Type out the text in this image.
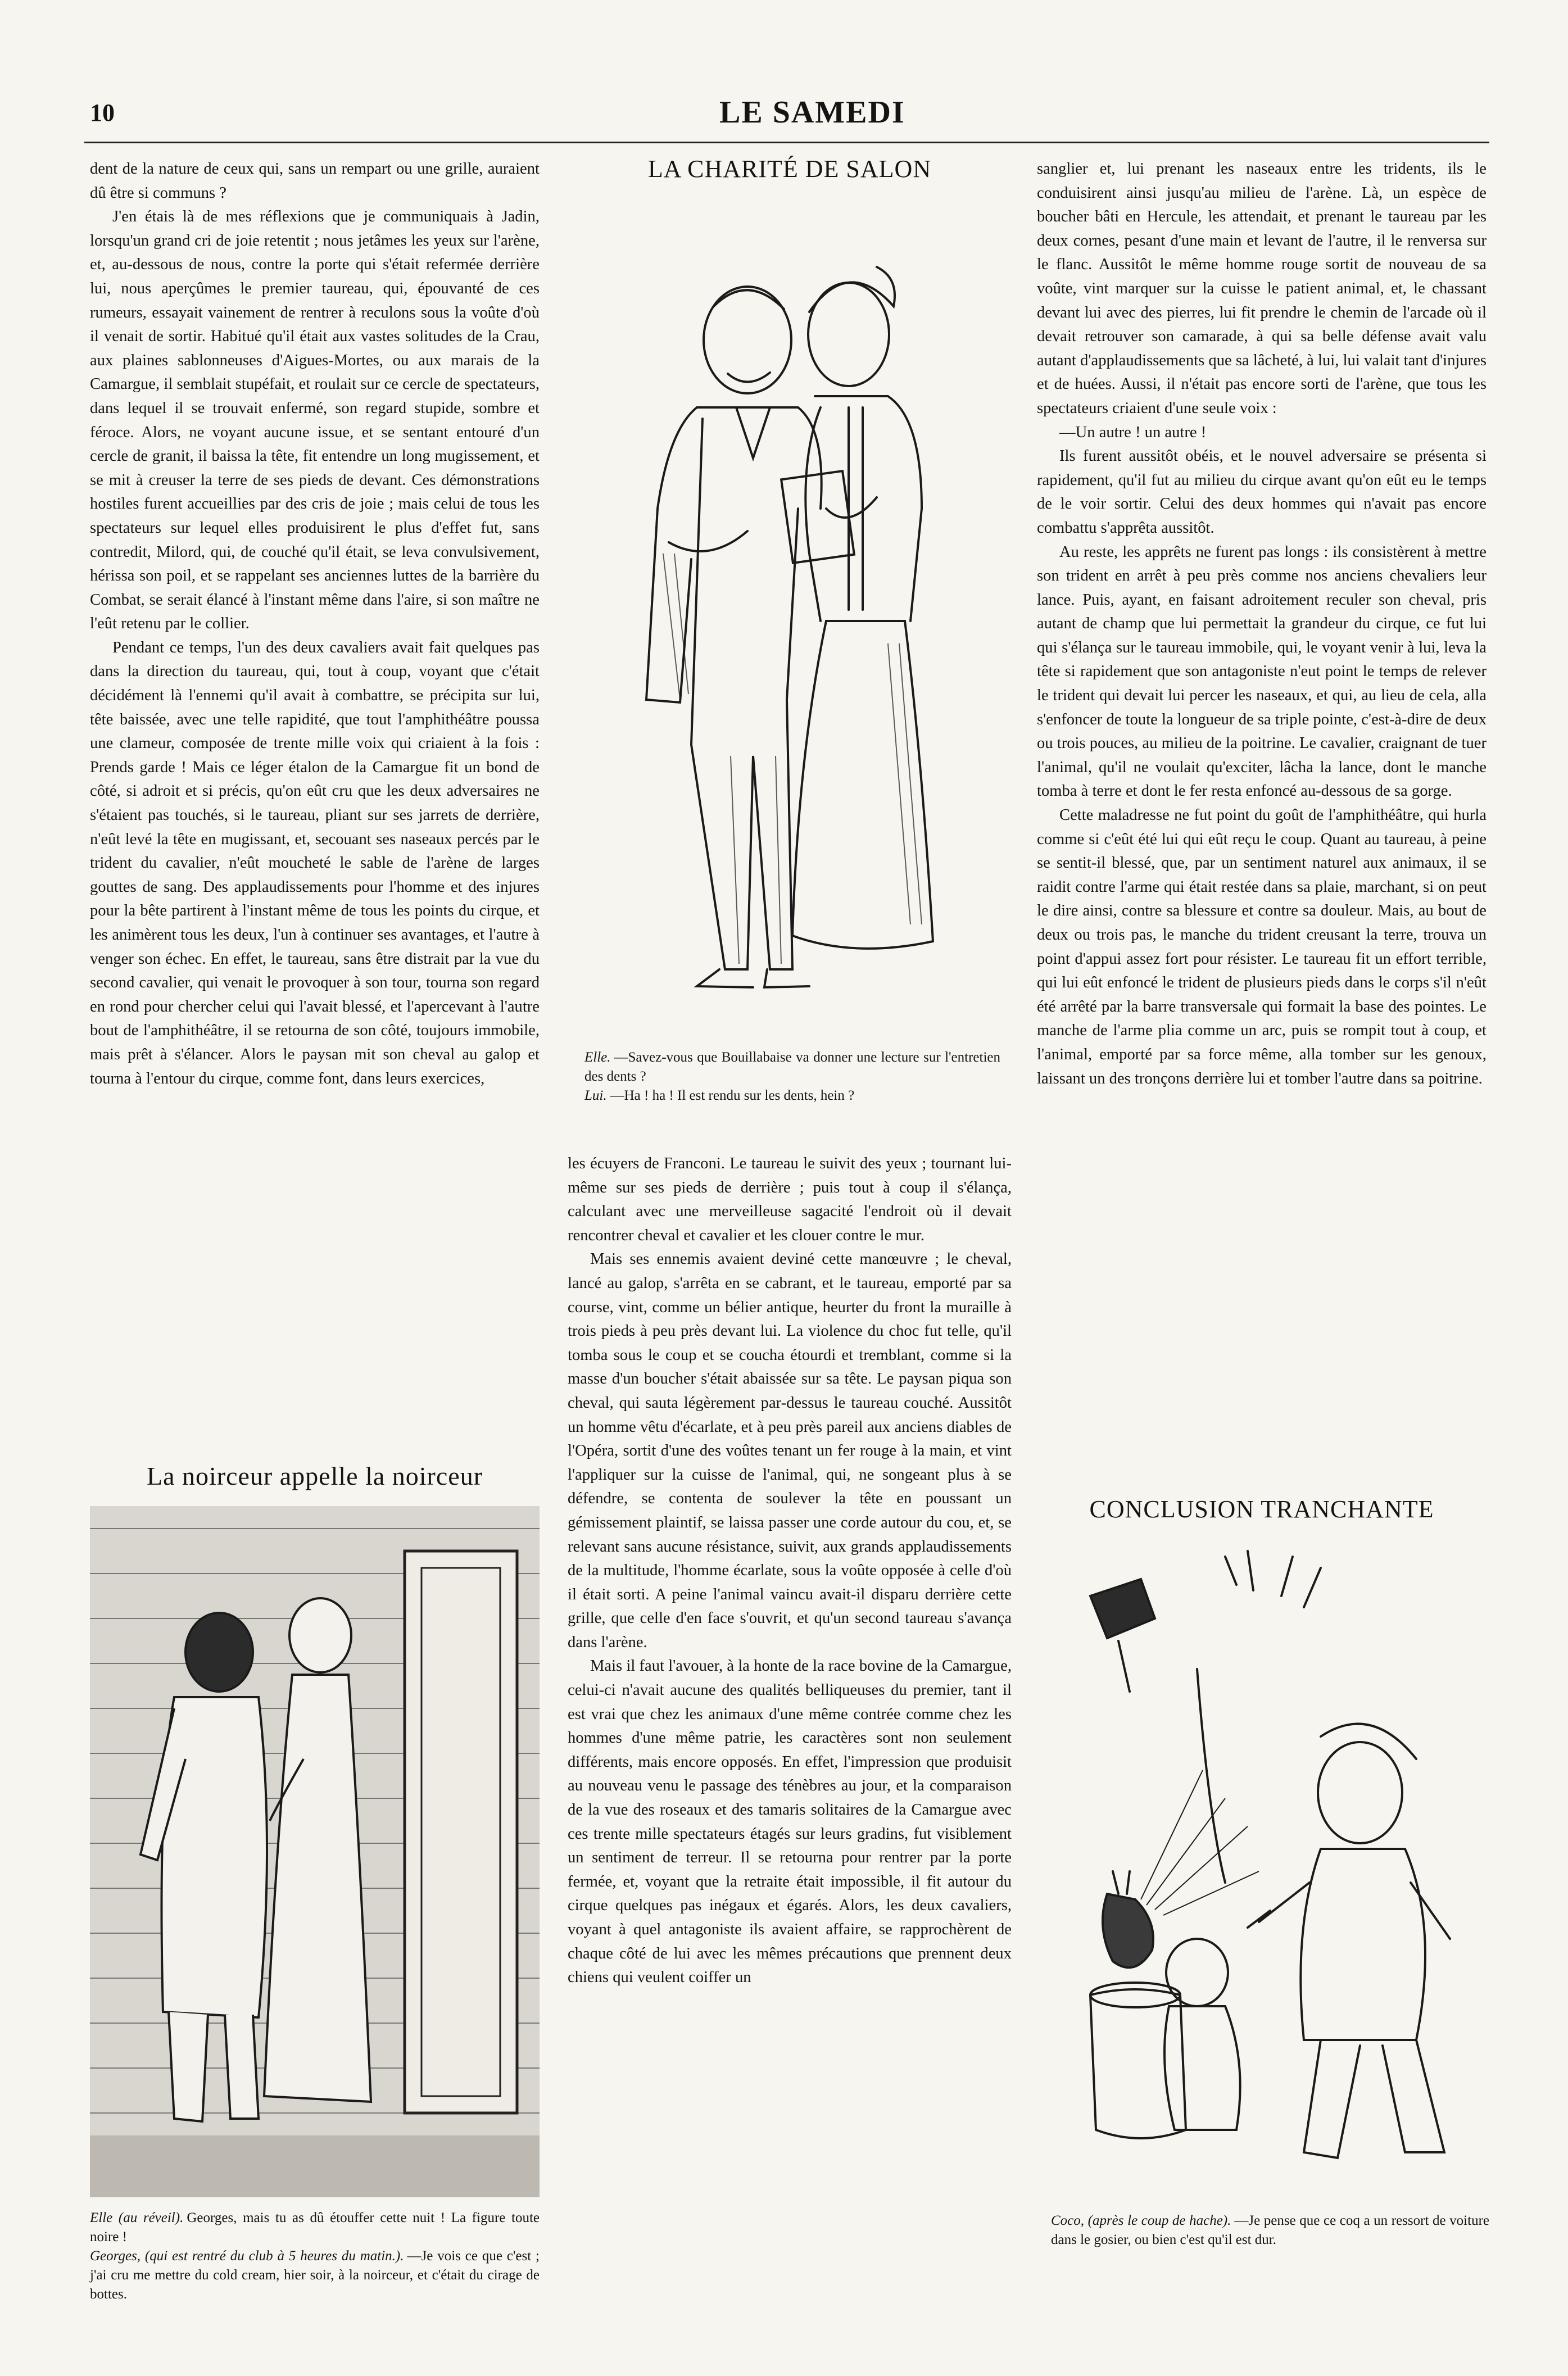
10	LE SAMEDI

dent de la nature de ceux qui, sans un rempart ou une grille, auraient dû être si communs ?

J'en étais là de mes réflexions que je communiquais à Jadin, lorsqu'un grand cri de joie retentit ; nous jetâmes les yeux sur l'arène, et, au-dessous de nous, contre la porte qui s'était refermée derrière lui, nous aperçûmes le premier taureau, qui, épouvanté de ces rumeurs, essayait vainement de rentrer à reculons sous la voûte d'où il venait de sortir. Habitué qu'il était aux vastes solitudes de la Crau, aux plaines sablonneuses d'Aigues-Mortes, ou aux marais de la Camargue, il semblait stupéfait, et roulait sur ce cercle de spectateurs, dans lequel il se trouvait enfermé, son regard stupide, sombre et féroce. Alors, ne voyant aucune issue, et se sentant entouré d'un cercle de granit, il baissa la tête, fit entendre un long mugissement, et se mit à creuser la terre de ses pieds de devant. Ces démonstrations hostiles furent accueillies par des cris de joie ; mais celui de tous les spectateurs sur lequel elles produisirent le plus d'effet fut, sans contredit, Milord, qui, de couché qu'il était, se leva convulsivement, hérissa son poil, et se rappelant ses anciennes luttes de la barrière du Combat, se serait élancé à l'instant même dans l'aire, si son maître ne l'eût retenu par le collier.

Pendant ce temps, l'un des deux cavaliers avait fait quelques pas dans la direction du taureau, qui, tout à coup, voyant que c'était décidément là l'ennemi qu'il avait à combattre, se précipita sur lui, tête baissée, avec une telle rapidité, que tout l'amphithéâtre poussa une clameur, composée de trente mille voix qui criaient à la fois : Prends garde ! Mais ce léger étalon de la Camargue fit un bond de côté, si adroit et si précis, qu'on eût cru que les deux adversaires ne s'étaient pas touchés, si le taureau, pliant sur ses jarrets de derrière, n'eût levé la tête en mugissant, et, secouant ses naseaux percés par le trident du cavalier, n'eût moucheté le sable de l'arène de larges gouttes de sang. Des applaudissements pour l'homme et des injures pour la bête partirent à l'instant même de tous les points du cirque, et les animèrent tous les deux, l'un à continuer ses avantages, et l'autre à venger son échec. En effet, le taureau, sans être distrait par la vue du second cavalier, qui venait le provoquer à son tour, tourna son regard en rond pour chercher celui qui l'avait blessé, et l'apercevant à l'autre bout de l'amphithéâtre, il se retourna de son côté, toujours immobile, mais prêt à s'élancer. Alors le paysan mit son cheval au galop et tourna à l'entour du cirque, comme font, dans leurs exercices,

LA CHARITÉ DE SALON
Elle. —Savez-vous que Bouillabaise va donner une lecture sur l'entretien des dents ?
Lui. —Ha ! ha ! Il est rendu sur les dents, hein ?

les écuyers de Franconi. Le taureau le suivit des yeux ; tournant lui-même sur ses pieds de derrière ; puis tout à coup il s'élança, calculant avec une merveilleuse sagacité l'endroit où il devait rencontrer cheval et cavalier et les clouer contre le mur.

Mais ses ennemis avaient deviné cette manœuvre ; le cheval, lancé au galop, s'arrêta en se cabrant, et le taureau, emporté par sa course, vint, comme un bélier antique, heurter du front la muraille à trois pieds à peu près devant lui. La violence du choc fut telle, qu'il tomba sous le coup et se coucha étourdi et tremblant, comme si la masse d'un boucher s'était abaissée sur sa tête. Le paysan piqua son cheval, qui sauta légèrement par-dessus le taureau couché. Aussitôt un homme vêtu d'écarlate, et à peu près pareil aux anciens diables de l'Opéra, sortit d'une des voûtes tenant un fer rouge à la main, et vint l'appliquer sur la cuisse de l'animal, qui, ne songeant plus à se défendre, se contenta de soulever la tête en poussant un gémissement plaintif, se laissa passer une corde autour du cou, et, se relevant sans aucune résistance, suivit, aux grands applaudissements de la multitude, l'homme écarlate, sous la voûte opposée à celle d'où il était sorti. A peine l'animal vaincu avait-il disparu derrière cette grille, que celle d'en face s'ouvrit, et qu'un second taureau s'avança dans l'arène.

Mais il faut l'avouer, à la honte de la race bovine de la Camargue, celui-ci n'avait aucune des qualités belliqueuses du premier, tant il est vrai que chez les animaux d'une même contrée comme chez les hommes d'une même patrie, les caractères sont non seulement différents, mais encore opposés. En effet, l'impression que produisit au nouveau venu le passage des ténèbres au jour, et la comparaison de la vue des roseaux et des tamaris solitaires de la Camargue avec ces trente mille spectateurs étagés sur leurs gradins, fut visiblement un sentiment de terreur. Il se retourna pour rentrer par la porte fermée, et, voyant que la retraite était impossible, il fit autour du cirque quelques pas inégaux et égarés. Alors, les deux cavaliers, voyant à quel antagoniste ils avaient affaire, se rapprochèrent de chaque côté de lui avec les mêmes précautions que prennent deux chiens qui veulent coiffer un

sanglier et, lui prenant les naseaux entre les tridents, ils le conduisirent ainsi jusqu'au milieu de l'arène. Là, un espèce de boucher bâti en Hercule, les attendait, et prenant le taureau par les deux cornes, pesant d'une main et levant de l'autre, il le renversa sur le flanc. Aussitôt le même homme rouge sortit de nouveau de sa voûte, vint marquer sur la cuisse le patient animal, et, le chassant devant lui avec des pierres, lui fit prendre le chemin de l'arcade où il devait retrouver son camarade, à qui sa belle défense avait valu autant d'applaudissements que sa lâcheté, à lui, lui valait tant d'injures et de huées. Aussi, il n'était pas encore sorti de l'arène, que tous les spectateurs criaient d'une seule voix :

—Un autre ! un autre !

Ils furent aussitôt obéis, et le nouvel adversaire se présenta si rapidement, qu'il fut au milieu du cirque avant qu'on eût eu le temps de le voir sortir. Celui des deux hommes qui n'avait pas encore combattu s'apprêta aussitôt.

Au reste, les apprêts ne furent pas longs : ils consistèrent à mettre son trident en arrêt à peu près comme nos anciens chevaliers leur lance. Puis, ayant, en faisant adroitement reculer son cheval, pris autant de champ que lui permettait la grandeur du cirque, ce fut lui qui s'élança sur le taureau immobile, qui, le voyant venir à lui, leva la tête si rapidement que son antagoniste n'eut point le temps de relever le trident qui devait lui percer les naseaux, et qui, au lieu de cela, alla s'enfoncer de toute la longueur de sa triple pointe, c'est-à-dire de deux ou trois pouces, au milieu de la poitrine. Le cavalier, craignant de tuer l'animal, qu'il ne voulait qu'exciter, lâcha la lance, dont le manche tomba à terre et dont le fer resta enfoncé au-dessous de sa gorge.

Cette maladresse ne fut point du goût de l'amphithéâtre, qui hurla comme si c'eût été lui qui eût reçu le coup. Quant au taureau, à peine se sentit-il blessé, que, par un sentiment naturel aux animaux, il se raidit contre l'arme qui était restée dans sa plaie, marchant, si on peut le dire ainsi, contre sa blessure et contre sa douleur. Mais, au bout de deux ou trois pas, le manche du trident creusant la terre, trouva un point d'appui assez fort pour résister. Le taureau fit un effort terrible, qui lui eût enfoncé le trident de plusieurs pieds dans le corps s'il n'eût été arrêté par la barre transversale qui formait la base des pointes. Le manche de l'arme plia comme un arc, puis se rompit tout à coup, et l'animal, emporté par sa force même, alla tomber sur les genoux, laissant un des tronçons derrière lui et tomber l'autre dans sa poitrine.

La noirceur appelle la noirceur
Elle (au réveil). Georges, mais tu as dû étouffer cette nuit ! La figure toute noire !
Georges, (qui est rentré du club à 5 heures du matin.). —Je vois ce que c'est ; j'ai cru me mettre du cold cream, hier soir, à la noirceur, et c'était du cirage de bottes.
CONCLUSION TRANCHANTE
Coco, (après le coup de hache). —Je pense que ce coq a un ressort de voiture dans le gosier, ou bien c'est qu'il est dur.
